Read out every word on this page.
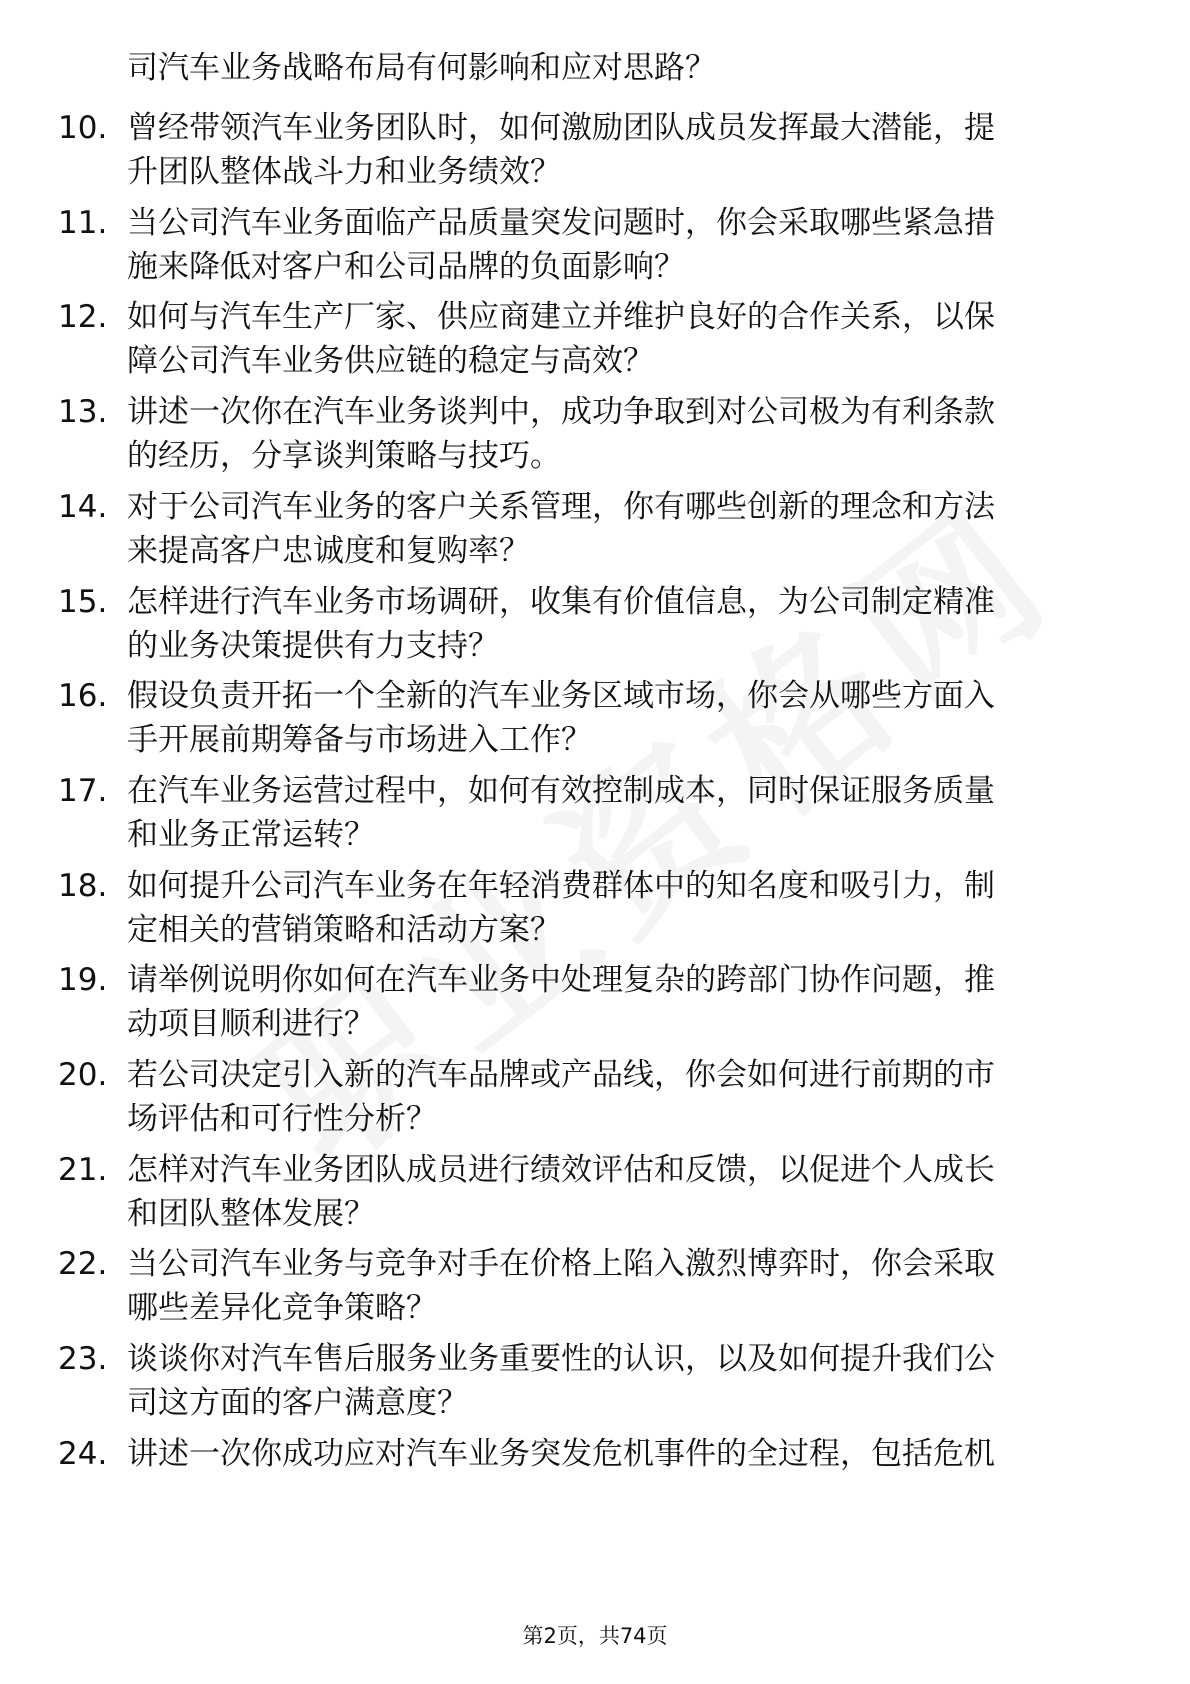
司汽车业务战略布局有何影响和应对思路？
10. 曾经带领汽车业务团队时，如何激励团队成员发挥最大潜能，提
升团队整体战斗力和业务绩效？
11. 当公司汽车业务面临产品质量突发问题时，你会采取哪些紧急措
施来降低对客户和公司品牌的负面影响？
12. 如何与汽车生产厂家、供应商建立并维护良好的合作关系，以保
障公司汽车业务供应链的稳定与高效？
13. 讲述一次你在汽车业务谈判中，成功争取到对公司极为有利条款
的经历，分享谈判策略与技巧。
14. 对于公司汽车业务的客户关系管理，你有哪些创新的理念和方法
来提高客户忠诚度和复购率？
15. 怎样进行汽车业务市场调研，收集有价值信息，为公司制定精准
的业务决策提供有力支持？
16. 假设负责开拓一个全新的汽车业务区域市场，你会从哪些方面入
手开展前期筹备与市场进入工作？
17. 在汽车业务运营过程中，如何有效控制成本，同时保证服务质量
和业务正常运转？
18. 如何提升公司汽车业务在年轻消费群体中的知名度和吸引力，制
定相关的营销策略和活动方案？
19. 请举例说明你如何在汽车业务中处理复杂的跨部门协作问题，推
动项目顺利进行？
20. 若公司决定引入新的汽车品牌或产品线，你会如何进行前期的市
场评估和可行性分析？
21. 怎样对汽车业务团队成员进行绩效评估和反馈，以促进个人成长
和团队整体发展？
22. 当公司汽车业务与竞争对手在价格上陷入激烈博弈时，你会采取
哪些差异化竞争策略？
23. 谈谈你对汽车售后服务业务重要性的认识，以及如何提升我们公
司这方面的客户满意度？
24. 讲述一次你成功应对汽车业务突发危机事件的全过程，包括危机
第2页，共74页
